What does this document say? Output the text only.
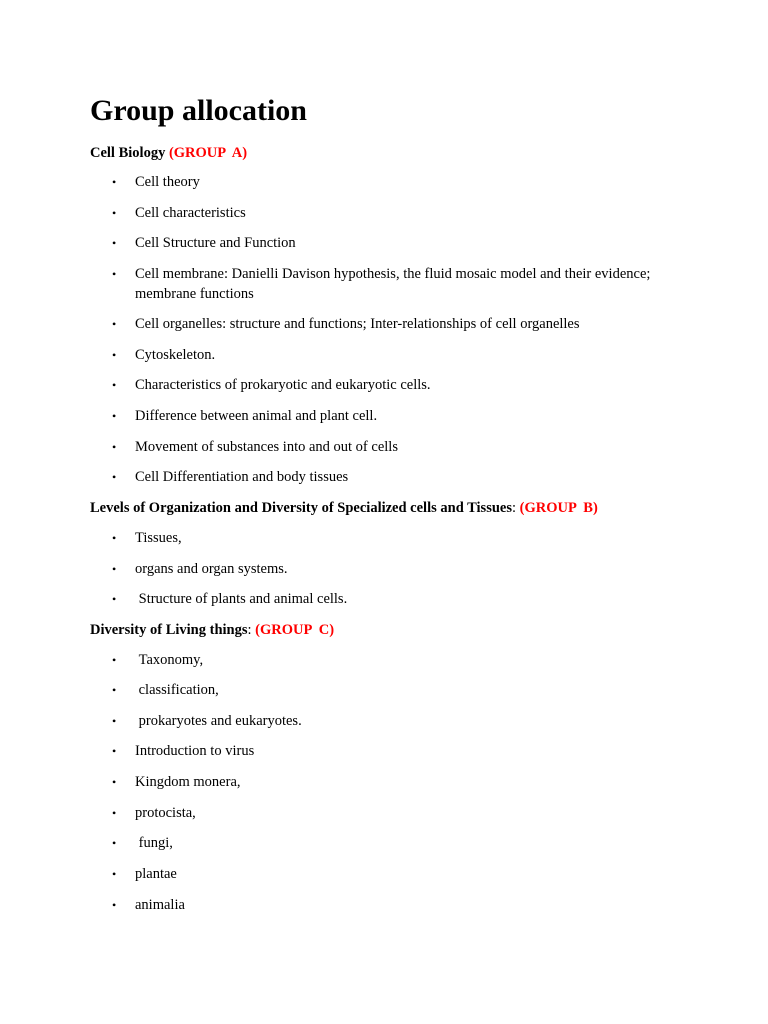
Group allocation

Cell Biology (GROUP  A)

• Cell theory
• Cell characteristics
• Cell Structure and Function
• Cell membrane: Danielli Davison hypothesis, the fluid mosaic model and their evidence; membrane functions
• Cell organelles: structure and functions; Inter-relationships of cell organelles
• Cytoskeleton.
• Characteristics of prokaryotic and eukaryotic cells.
• Difference between animal and plant cell.
• Movement of substances into and out of cells
• Cell Differentiation and body tissues

Levels of Organization and Diversity of Specialized cells and Tissues: (GROUP  B)

• Tissues,
• organs and organ systems.
• Structure of plants and animal cells.

Diversity of Living things: (GROUP  C)

• Taxonomy,
• classification,
• prokaryotes and eukaryotes.
• Introduction to virus
• Kingdom monera,
• protocista,
• fungi,
• plantae
• animalia
